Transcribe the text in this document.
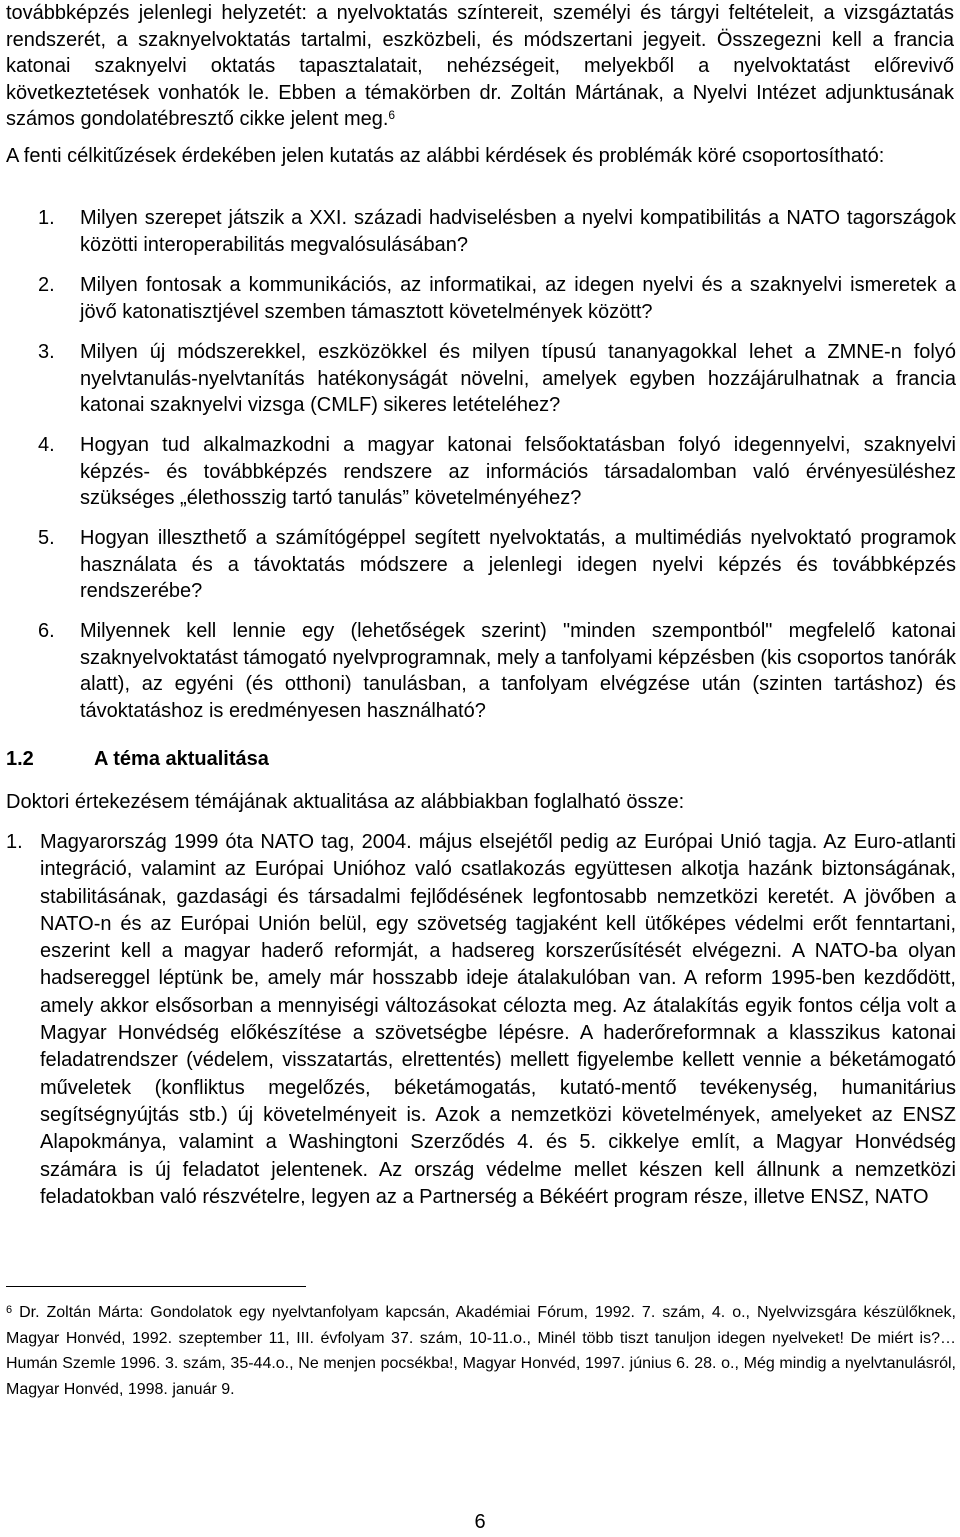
továbbképzés jelenlegi helyzetét: a nyelvoktatás színtereit, személyi és tárgyi feltételeit, a vizsgáztatás rendszerét, a szaknyelvoktatás tartalmi, eszközbeli, és módszertani jegyeit. Összegezni kell a francia katonai szaknyelvi oktatás tapasztalatait, nehézségeit, melyekből a nyelvoktatást előrevivő következtetések vonhatók le. Ebben a témakörben dr. Zoltán Mártának, a Nyelvi Intézet adjunktusának számos gondolatébresztő cikke jelent meg.$^6$
A fenti célkitűzések érdekében jelen kutatás az alábbi kérdések és problémák köré csoportosítható:
1. Milyen szerepet játszik a XXI. századi hadviselésben a nyelvi kompatibilitás a NATO tagországok közötti interoperabilitás megvalósulásában?
2. Milyen fontosak a kommunikációs, az informatikai, az idegen nyelvi és a szaknyelvi ismeretek a jövő katonatisztjével szemben támasztott követelmények között?
3. Milyen új módszerekkel, eszközökkel és milyen típusú tananyagokkal lehet a ZMNE-n folyó nyelvtanulás-nyelvtanítás hatékonyságát növelni, amelyek egyben hozzájárulhatnak a francia katonai szaknyelvi vizsga (CMLF) sikeres letételéhez?
4. Hogyan tud alkalmazkodni a magyar katonai felsőoktatásban folyó idegennyelvi, szaknyelvi képzés- és továbbképzés rendszere az információs társadalomban való érvényesüléshez szükséges „élethosszig tartó tanulás” követelményéhez?
5. Hogyan illeszthető a számítógéppel segített nyelvoktatás, a multimédiás nyelvoktató programok használata és a távoktatás módszere a jelenlegi idegen nyelvi képzés és továbbképzés rendszerébe?
6. Milyennek kell lennie egy (lehetőségek szerint) "minden szempontból" megfelelő katonai szaknyelvoktatást támogató nyelvprogramnak, mely a tanfolyami képzésben (kis csoportos tanórák alatt), az egyéni (és otthoni) tanulásban, a tanfolyam elvégzése után (szinten tartáshoz) és távoktatáshoz is eredményesen használható?
1.2	A téma aktualitása
Doktori értekezésem témájának aktualitása az alábbiakban foglalható össze:
1. Magyarország 1999 óta NATO tag, 2004. május elsejétől pedig az Európai Unió tagja. Az Euro-atlanti integráció, valamint az Európai Unióhoz való csatlakozás együttesen alkotja hazánk biztonságának, stabilitásának, gazdasági és társadalmi fejlődésének legfontosabb nemzetközi keretét. A jövőben a NATO-n és az Európai Unión belül, egy szövetség tagjaként kell ütőképes védelmi erőt fenntartani, eszerint kell a magyar haderő reformját, a hadsereg korszerűsítését elvégezni. A NATO-ba olyan hadsereggel léptünk be, amely már hosszabb ideje átalakulóban van. A reform 1995-ben kezdődött, amely akkor elsősorban a mennyiségi változásokat célozta meg. Az átalakítás egyik fontos célja volt a Magyar Honvédség előkészítése a szövetségbe lépésre. A haderőreformnak a klasszikus katonai feladatrendszer (védelem, visszatartás, elrettentés) mellett figyelembe kellett vennie a béketámogató műveletek (konfliktus megelőzés, béketámogatás, kutató-mentő tevékenység, humanitárius segítségnyújtás stb.) új követelményeit is. Azok a nemzetközi követelmények, amelyeket az ENSZ Alapokmánya, valamint a Washingtoni Szerződés 4. és 5. cikkelye említ, a Magyar Honvédség számára is új feladatot jelentenek. Az ország védelme mellet készen kell állnunk a nemzetközi feladatokban való részvételre, legyen az a Partnerség a Békéért program része, illetve ENSZ, NATO
$^6$ Dr. Zoltán Márta: Gondolatok egy nyelvtanfolyam kapcsán, Akadémiai Fórum, 1992. 7. szám, 4. o., Nyelvvizsgára készülőknek, Magyar Honvéd, 1992. szeptember 11, III. évfolyam 37. szám, 10-11.o., Minél több tiszt tanuljon idegen nyelveket! De miért is?… Humán Szemle 1996. 3. szám, 35-44.o., Ne menjen pocsékba!, Magyar Honvéd, 1997. június 6. 28. o., Még mindig a nyelvtanulásról, Magyar Honvéd, 1998. január 9.
6
